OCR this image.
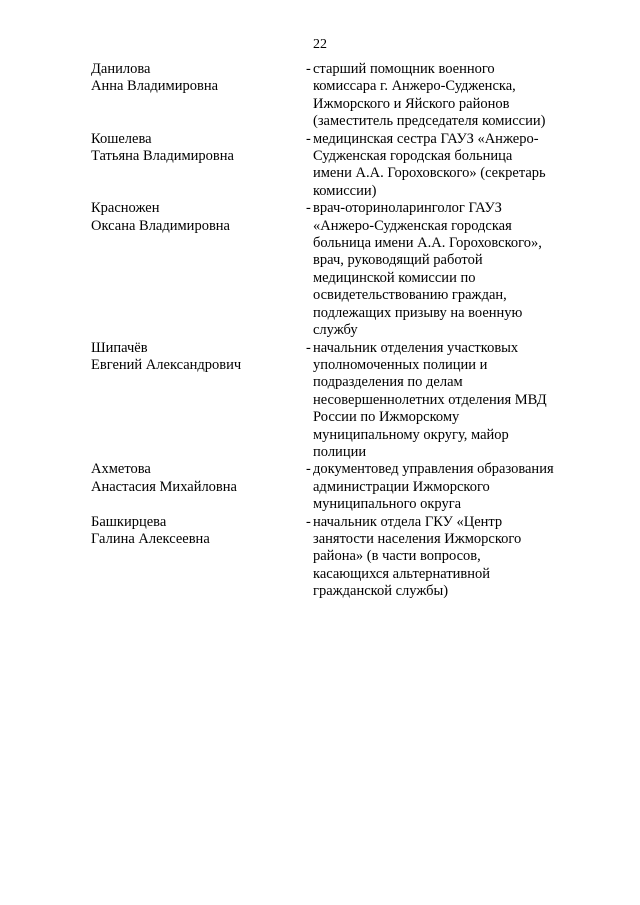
22
Данилова
Анна Владимировна
- старший помощник военного
комиссара г. Анжеро-Судженска,
Ижморского и Яйского районов
(заместитель председателя комиссии)
Кошелева
Татьяна Владимировна
- медицинская сестра ГАУЗ «Анжеро-
Судженская городская больница
имени А.А. Гороховского» (секретарь
комиссии)
Красножен
Оксана Владимировна
- врач-оториноларинголог ГАУЗ
«Анжеро-Судженская городская
больница имени А.А. Гороховского»,
врач, руководящий работой
медицинской комиссии по
освидетельствованию граждан,
подлежащих призыву на военную
службу
Шипачёв
Евгений Александрович
- начальник отделения участковых
уполномоченных полиции и
подразделения по делам
несовершеннолетних отделения МВД
России по Ижморскому
муниципальному округу, майор
полиции
Ахметова
Анастасия Михайловна
- документовед управления образования
администрации Ижморского
муниципального округа
Башкирцева
Галина Алексеевна
- начальник отдела ГКУ «Центр
занятости населения Ижморского
района» (в части вопросов,
касающихся альтернативной
гражданской службы)
